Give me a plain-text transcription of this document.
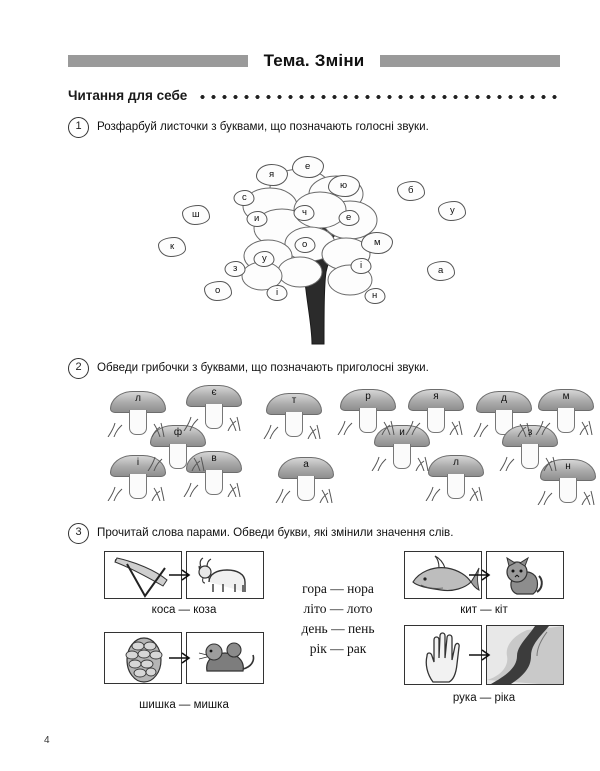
Тема. Зміни
Читання для себе
1	Розфарбуй листочки з буквами, що позначають голосні звуки.
я
е
ю	б
с
ч
ш	и	е
у
о	м
к
у
з	і	а
о	і	н
2	Обведи грибочки з буквами, що позначають приголосні звуки.
л
є
т	р	я	д	м
ф	и	з
і	в
а	л	н
3	Прочитай слова парами. Обведи букви, які змінили значення слів.
коса — коза	кит — кіт
шишка — мишка
рука — ріка
гора — нора
літо — лото
день — пень
рік — рак
4
